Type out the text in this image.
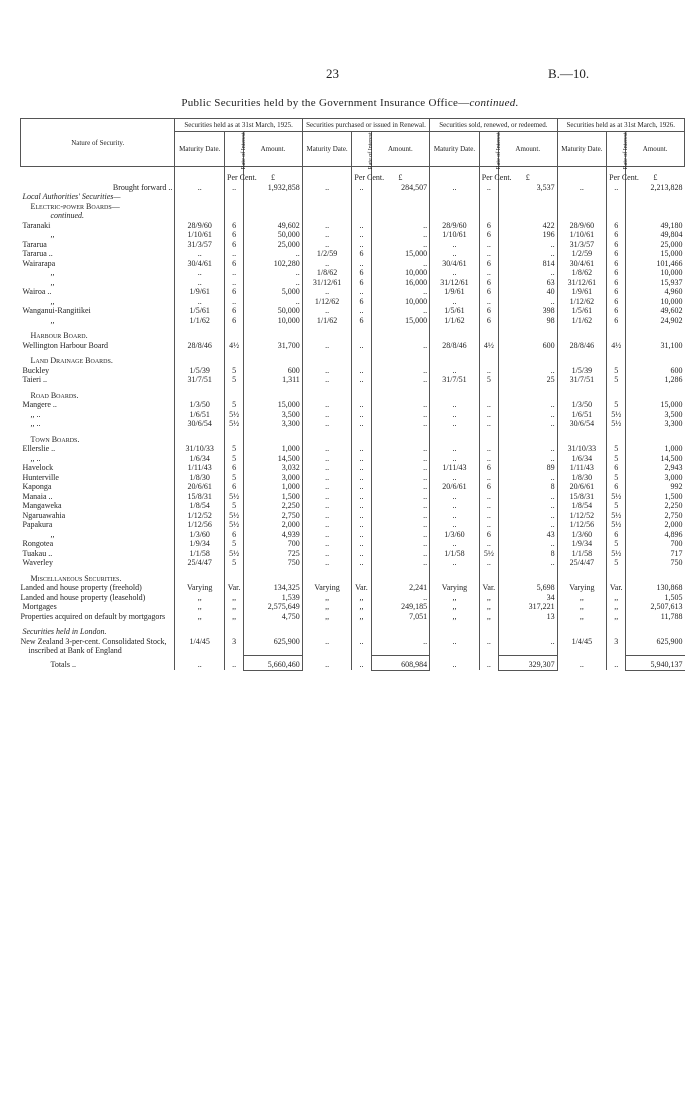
23	B.—10.
Public Securities held by the Government Insurance Office—continued.
Nature of Security.	Securities held as at 31st March, 1925.			Securities purchased or issued in Renewal.			Securities sold, renewed, or redeemed.			Securities held as at 31st March, 1926.		
	Maturity Date.	Rate of Interest.	Amount.	Maturity Date.	Rate of Interest.	Amount.	Maturity Date.	Rate of Interest.	Amount.	Maturity Date.	Rate of Interest.	Amount.
		Per Cent.	£		Per Cent.	£		Per Cent.	£		Per Cent.	£
Brought forward ..	..	..	1,932,858	..	..	284,507	..	..	3,537	..	..	2,213,828
Local Authorities' Securities—												
Electric-power Boards—												
continued.												
Taranaki	28/9/60	6	49,602	..	..	..	28/9/60	6	422	28/9/60	6	49,180
,,	1/10/61	6	50,000	..	..	..	1/10/61	6	196	1/10/61	6	49,804
Tararua	31/3/57	6	25,000	..	..	..	..	..	..	31/3/57	6	25,000
Tararua ..	..	..	..	1/2/59	6	15,000	..	..	..	1/2/59	6	15,000
Wairarapa	30/4/61	6	102,280	..	..	..	30/4/61	6	814	30/4/61	6	101,466
,,	..	..	..	1/8/62	6	10,000	..	..	..	1/8/62	6	10,000
,,	..	..	..	31/12/61	6	16,000	31/12/61	6	63	31/12/61	6	15,937
Wairoa ..	1/9/61	6	5,000	..	..	..	1/9/61	6	40	1/9/61	6	4,960
,,	..	..	..	1/12/62	6	10,000	..	..	..	1/12/62	6	10,000
Wanganui-Rangitikei	1/5/61	6	50,000	..	..	..	1/5/61	6	398	1/5/61	6	49,602
,,	1/1/62	6	10,000	1/1/62	6	15,000	1/1/62	6	98	1/1/62	6	24,902
Harbour Board.												
Wellington Harbour Board	28/8/46	4½	31,700	..	..	..	28/8/46	4½	600	28/8/46	4½	31,100
Land Drainage Boards.												
Buckley	1/5/39	5	600	..	..	..	..	..	..	1/5/39	5	600
Taieri ..	31/7/51	5	1,311	..	..	..	31/7/51	5	25	31/7/51	5	1,286
Road Boards.												
Mangere ..	1/3/50	5	15,000	..	..	..	..	..	..	1/3/50	5	15,000
,, ..	1/6/51	5½	3,500	..	..	..	..	..	..	1/6/51	5½	3,500
,, ..	30/6/54	5½	3,300	..	..	..	..	..	..	30/6/54	5½	3,300
Town Boards.												
Ellerslie ..	31/10/33	5	1,000	..	..	..	..	..	..	31/10/33	5	1,000
,, ..	1/6/34	5	14,500	..	..	..	..	..	..	1/6/34	5	14,500
Havelock	1/11/43	6	3,032	..	..	..	1/11/43	6	89	1/11/43	6	2,943
Hunterville	1/8/30	5	3,000	..	..	..	..	..	..	1/8/30	5	3,000
Kaponga	20/6/61	6	1,000	..	..	..	20/6/61	6	8	20/6/61	6	992
Manaia ..	15/8/31	5½	1,500	..	..	..	..	..	..	15/8/31	5½	1,500
Mangaweka	1/8/54	5	2,250	..	..	..	..	..	..	1/8/54	5	2,250
Ngaruawahia	1/12/52	5½	2,750	..	..	..	..	..	..	1/12/52	5½	2,750
Papakura	1/12/56	5½	2,000	..	..	..	..	..	..	1/12/56	5½	2,000
,,	1/3/60	6	4,939	..	..	..	1/3/60	6	43	1/3/60	6	4,896
Rongotea	1/9/34	5	700	..	..	..	..	..	..	1/9/34	5	700
Tuakau ..	1/1/58	5½	725	..	..	..	1/1/58	5½	8	1/1/58	5½	717
Waverley	25/4/47	5	750	..	..	..	..	..	..	25/4/47	5	750
Miscellaneous Securities.												
Landed and house property (freehold)	Varying	Var.	134,325	Varying	Var.	2,241	Varying	Var.	5,698	Varying	Var.	130,868
Landed and house property (leasehold)	,,	,,	1,539	,,	,,	..	,,	,,	34	,,	,,	1,505
Mortgages	,,	,,	2,575,649	,,	,,	249,185	,,	,,	317,221	,,	,,	2,507,613
Properties acquired on default by mortgagors	,,	,,	4,750	,,	,,	7,051	,,	,,	13	,,	,,	11,788
Securities held in London.												
New Zealand 3-per-cent. Consolidated Stock, inscribed at Bank of England	1/4/45	3	625,900	..	..	..	..	..	..	1/4/45	3	625,900
Totals ..	..	..	5,660,460	..	..	608,984	..	..	329,307	..	..	5,940,137
